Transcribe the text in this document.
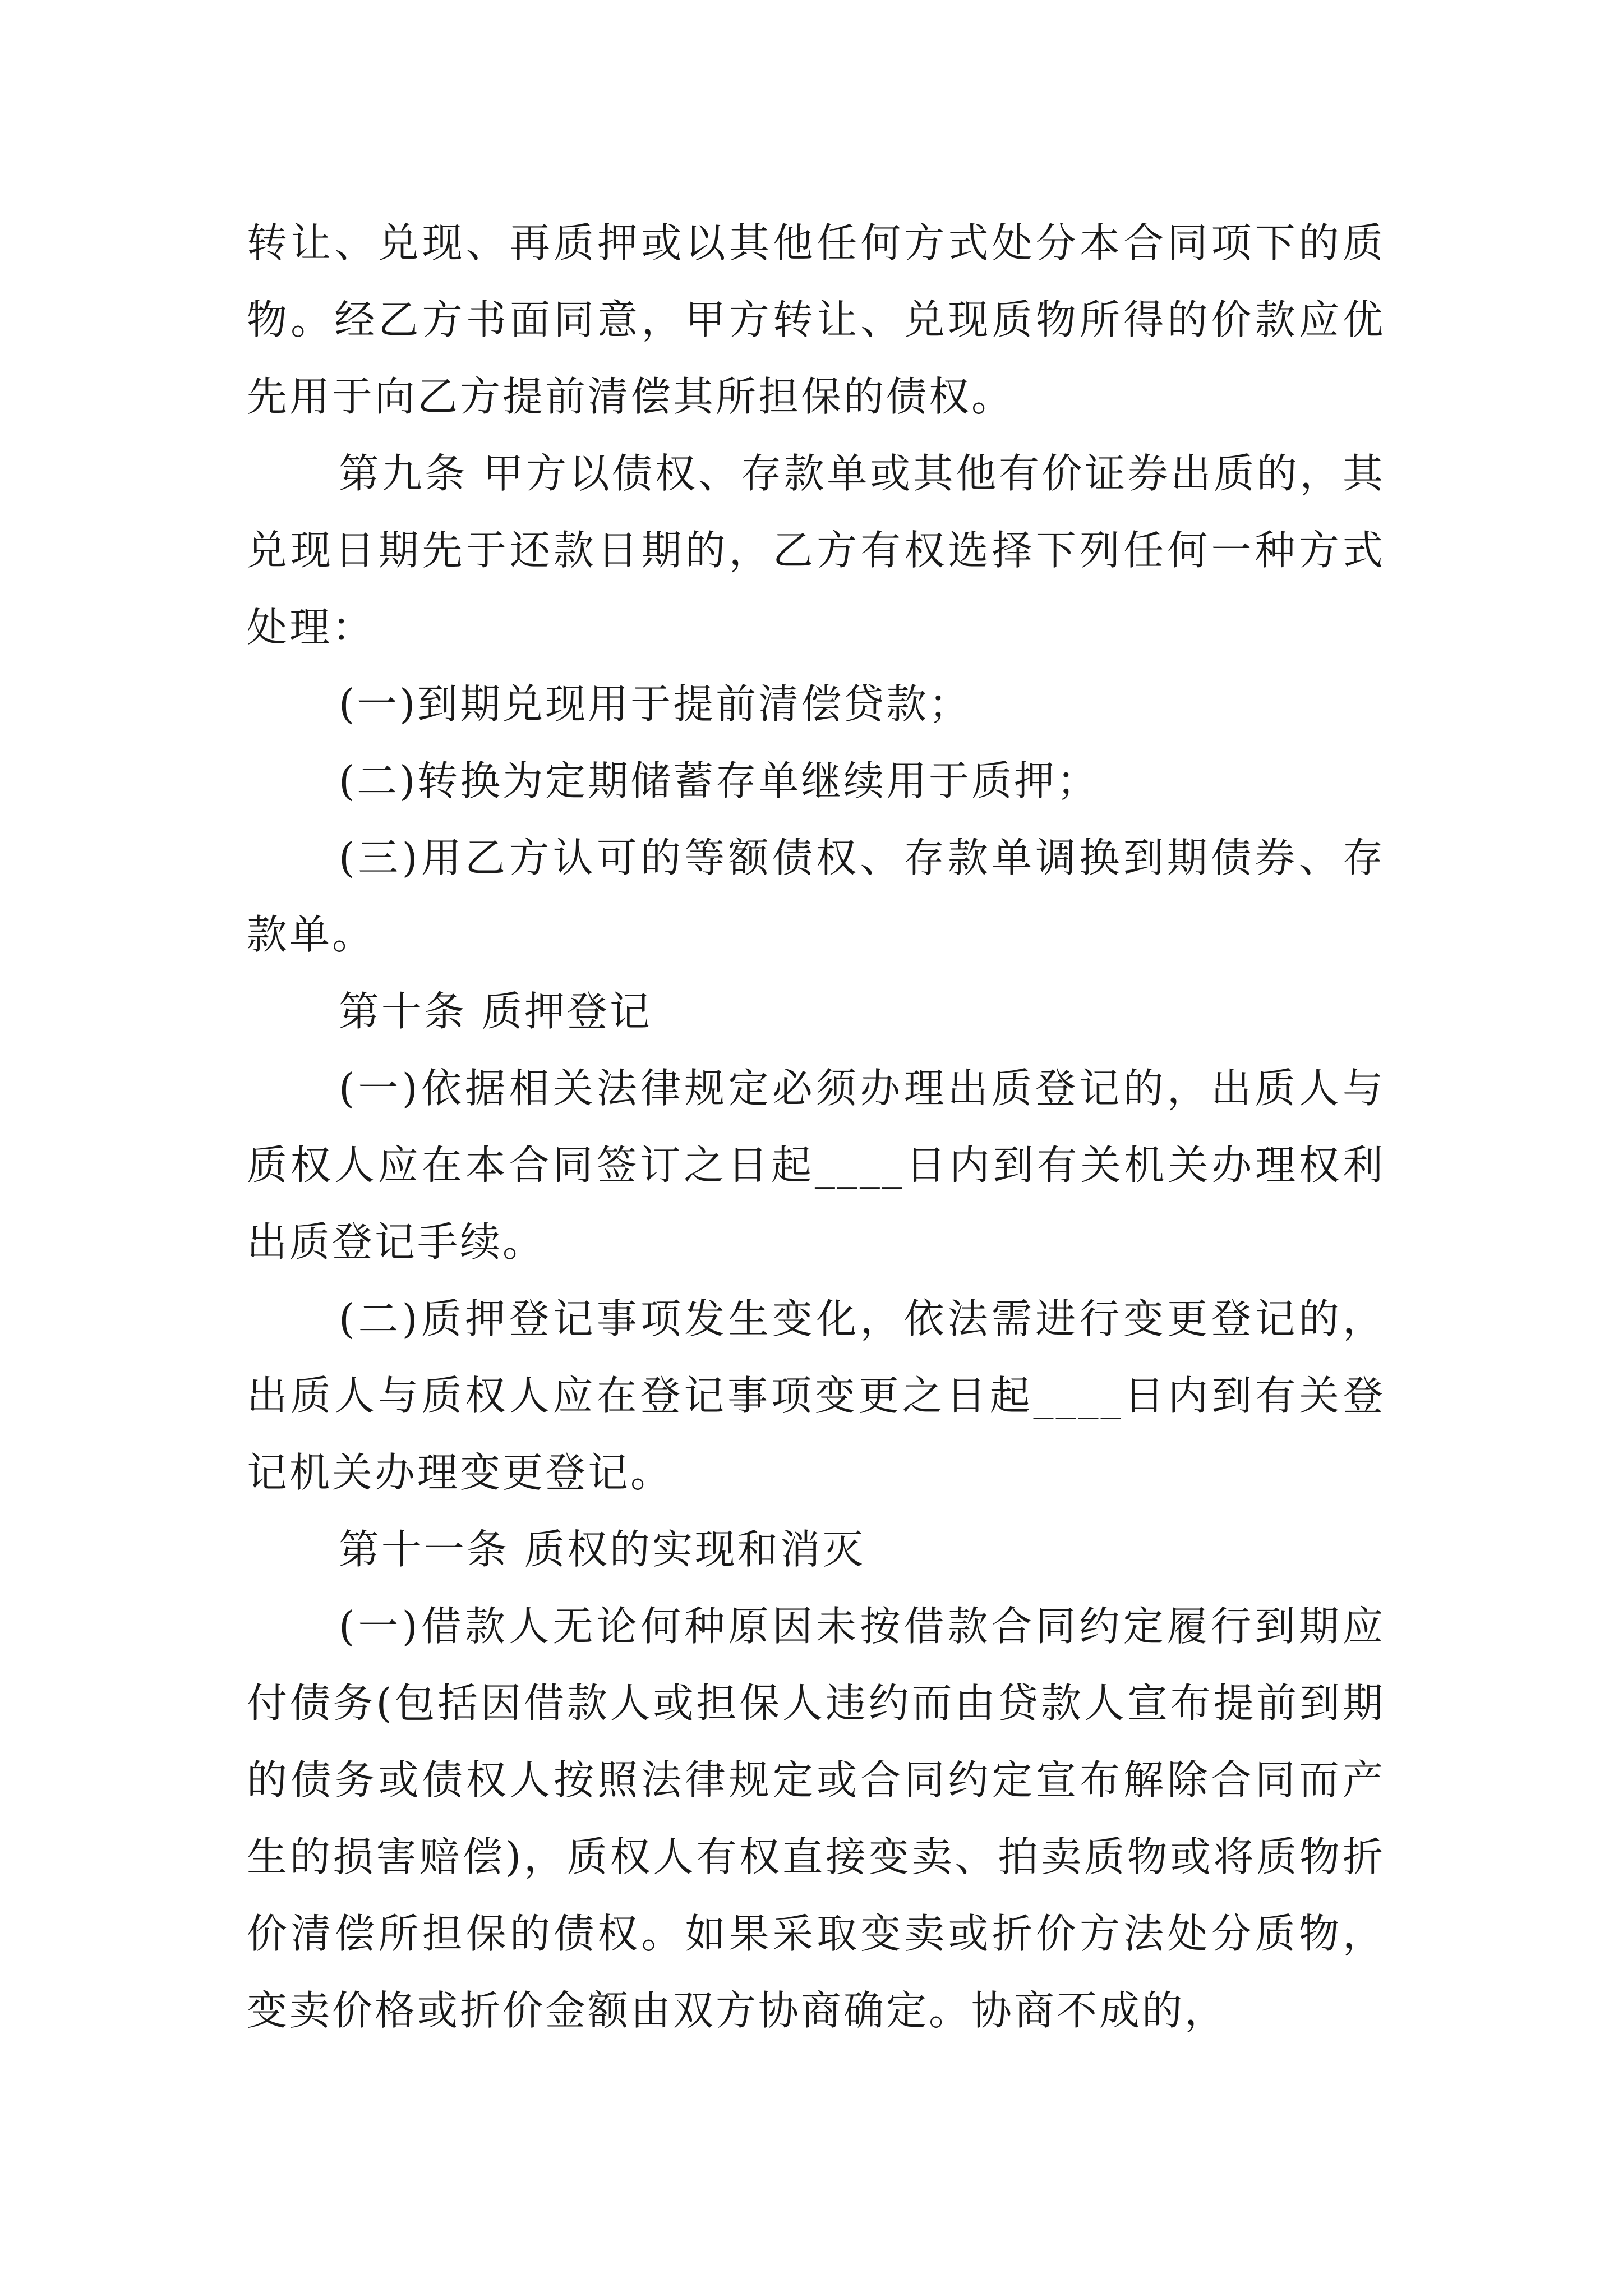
转让、兑现、再质押或以其他任何方式处分本合同项下的质物。经乙方书面同意，甲方转让、兑现质物所得的价款应优先用于向乙方提前清偿其所担保的债权。

第九条 甲方以债权、存款单或其他有价证券出质的，其兑现日期先于还款日期的，乙方有权选择下列任何一种方式处理：

(一)到期兑现用于提前清偿贷款；

(二)转换为定期储蓄存单继续用于质押；

(三)用乙方认可的等额债权、存款单调换到期债券、存款单。

第十条 质押登记

(一)依据相关法律规定必须办理出质登记的，出质人与质权人应在本合同签订之日起____日内到有关机关办理权利出质登记手续。

(二)质押登记事项发生变化，依法需进行变更登记的，出质人与质权人应在登记事项变更之日起____日内到有关登记机关办理变更登记。

第十一条 质权的实现和消灭

(一)借款人无论何种原因未按借款合同约定履行到期应付债务(包括因借款人或担保人违约而由贷款人宣布提前到期的债务或债权人按照法律规定或合同约定宣布解除合同而产生的损害赔偿)，质权人有权直接变卖、拍卖质物或将质物折价清偿所担保的债权。如果采取变卖或折价方法处分质物，变卖价格或折价金额由双方协商确定。协商不成的，
